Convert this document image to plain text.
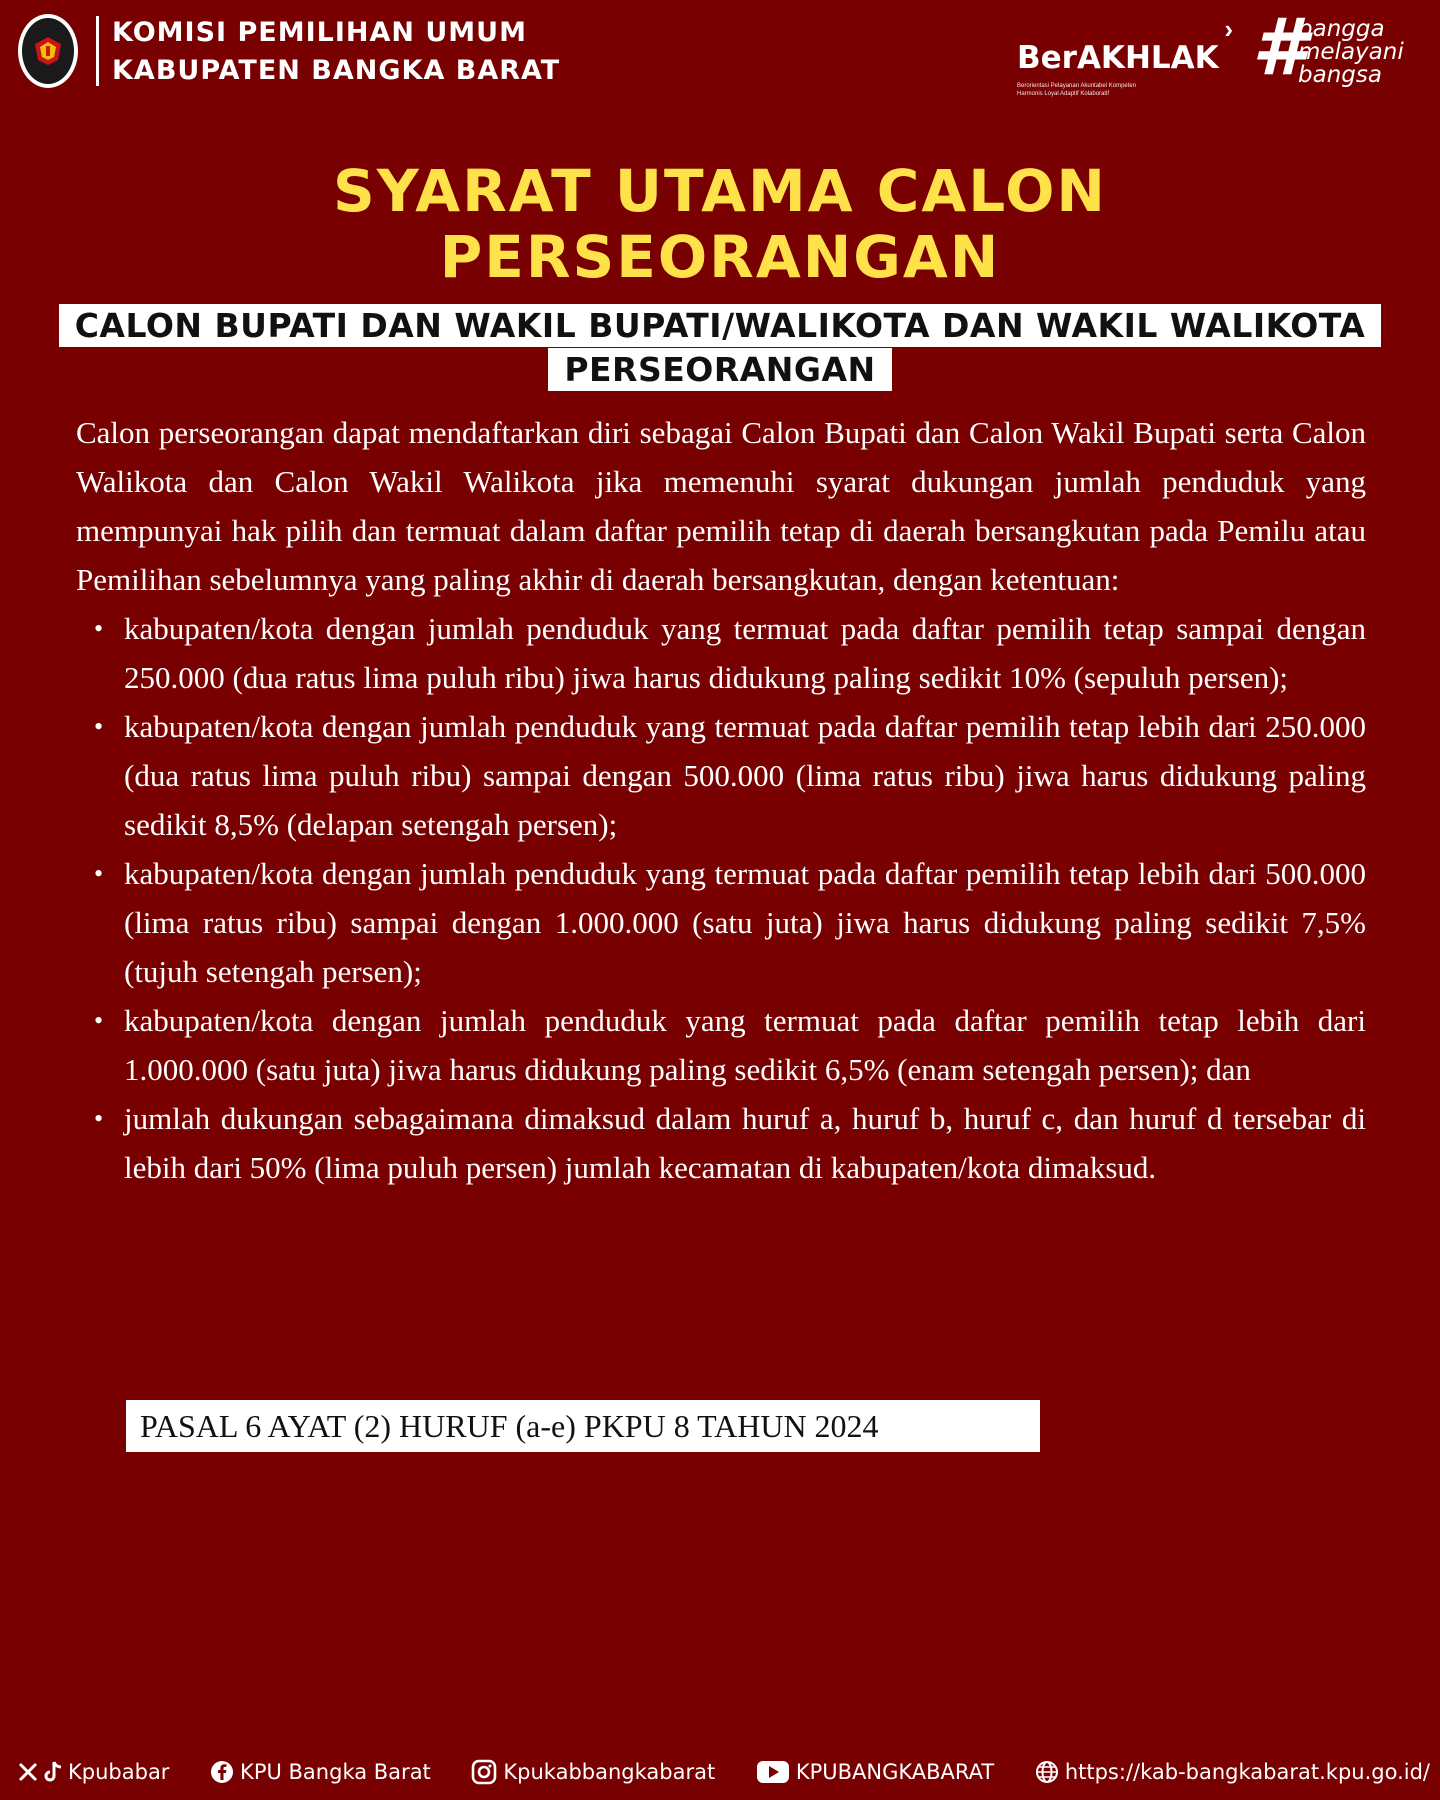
KOMISI PEMILIHAN UMUM
KABUPATEN BANGKA BARAT	BerAKHLAK
›
Berorientasi Pelayanan Akuntabel Kompeten
Harmonis Loyal Adaptif Kolaboratif
#
bangga
melayani
bangsa
SYARAT UTAMA CALON
PERSEORANGAN
CALON BUPATI DAN WAKIL BUPATI/WALIKOTA DAN WAKIL WALIKOTA PERSEORANGAN

Calon perseorangan dapat mendaftarkan diri sebagai Calon Bupati dan Calon Wakil Bupati serta Calon Walikota dan Calon Wakil Walikota jika memenuhi syarat dukungan jumlah penduduk yang mempunyai hak pilih dan termuat dalam daftar pemilih tetap di daerah bersangkutan pada Pemilu atau Pemilihan sebelumnya yang paling akhir di daerah bersangkutan, dengan ketentuan:

• kabupaten/kota dengan jumlah penduduk yang termuat pada daftar pemilih tetap sampai dengan 250.000 (dua ratus lima puluh ribu) jiwa harus didukung paling sedikit 10% (sepuluh persen);
• kabupaten/kota dengan jumlah penduduk yang termuat pada daftar pemilih tetap lebih dari 250.000 (dua ratus lima puluh ribu) sampai dengan 500.000 (lima ratus ribu) jiwa harus didukung paling sedikit 8,5% (delapan setengah persen);
• kabupaten/kota dengan jumlah penduduk yang termuat pada daftar pemilih tetap lebih dari 500.000 (lima ratus ribu) sampai dengan 1.000.000 (satu juta) jiwa harus didukung paling sedikit 7,5% (tujuh setengah persen);
• kabupaten/kota dengan jumlah penduduk yang termuat pada daftar pemilih tetap lebih dari 1.000.000 (satu juta) jiwa harus didukung paling sedikit 6,5% (enam setengah persen); dan
• jumlah dukungan sebagaimana dimaksud dalam huruf a, huruf b, huruf c, dan huruf d tersebar di lebih dari 50% (lima puluh persen) jumlah kecamatan di kabupaten/kota dimaksud.
PASAL 6 AYAT (2) HURUF (a-e) PKPU 8 TAHUN 2024
Kpubabar	KPU Bangka Barat	Kpukabbangkabarat	KPUBANGKABARAT	https://kab-bangkabarat.kpu.go.id/
